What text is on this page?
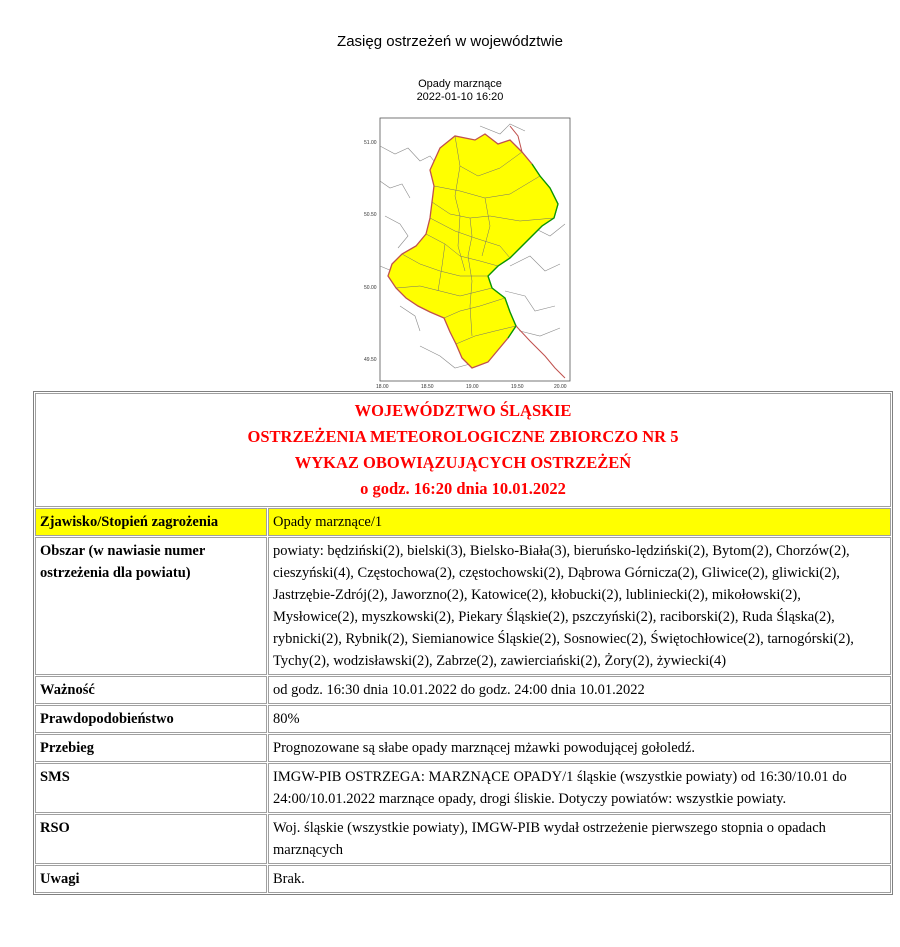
Zasięg ostrzeżeń w województwie
Opady marznące
2022-01-10 16:20
51.00
50.50
50.00
49.50
18.00	18.50	19.00	19.50	20.00
WOJEWÓDZTWO ŚLĄSKIE
OSTRZEŻENIA METEOROLOGICZNE ZBIORCZO NR 5
WYKAZ OBOWIĄZUJĄCYCH OSTRZEŻEŃ
o godz. 16:20 dnia 10.01.2022	

Zjawisko/Stopień zagrożenia	Opady marznące/1
Obszar (w nawiasie numer ostrzeżenia dla powiatu)	powiaty: będziński(2), bielski(3), Bielsko-Biała(3), bieruńsko-lędziński(2), Bytom(2), Chorzów(2), cieszyński(4), Częstochowa(2), częstochowski(2), Dąbrowa Górnicza(2), Gliwice(2), gliwicki(2), Jastrzębie-Zdrój(2), Jaworzno(2), Katowice(2), kłobucki(2), lubliniecki(2), mikołowski(2), Mysłowice(2), myszkowski(2), Piekary Śląskie(2), pszczyński(2), raciborski(2), Ruda Śląska(2), rybnicki(2), Rybnik(2), Siemianowice Śląskie(2), Sosnowiec(2), Świętochłowice(2), tarnogórski(2), Tychy(2), wodzisławski(2), Zabrze(2), zawierciański(2), Żory(2), żywiecki(4)
Ważność	od godz. 16:30 dnia 10.01.2022 do godz. 24:00 dnia 10.01.2022
Prawdopodobieństwo	80%
Przebieg	Prognozowane są słabe opady marznącej mżawki powodującej gołoledź.
SMS	IMGW-PIB OSTRZEGA: MARZNĄCE OPADY/1 śląskie (wszystkie powiaty) od 16:30/10.01 do 24:00/10.01.2022 marznące opady, drogi śliskie. Dotyczy powiatów: wszystkie powiaty.
RSO	Woj. śląskie (wszystkie powiaty), IMGW-PIB wydał ostrzeżenie pierwszego stopnia o opadach marznących
Uwagi	Brak.
